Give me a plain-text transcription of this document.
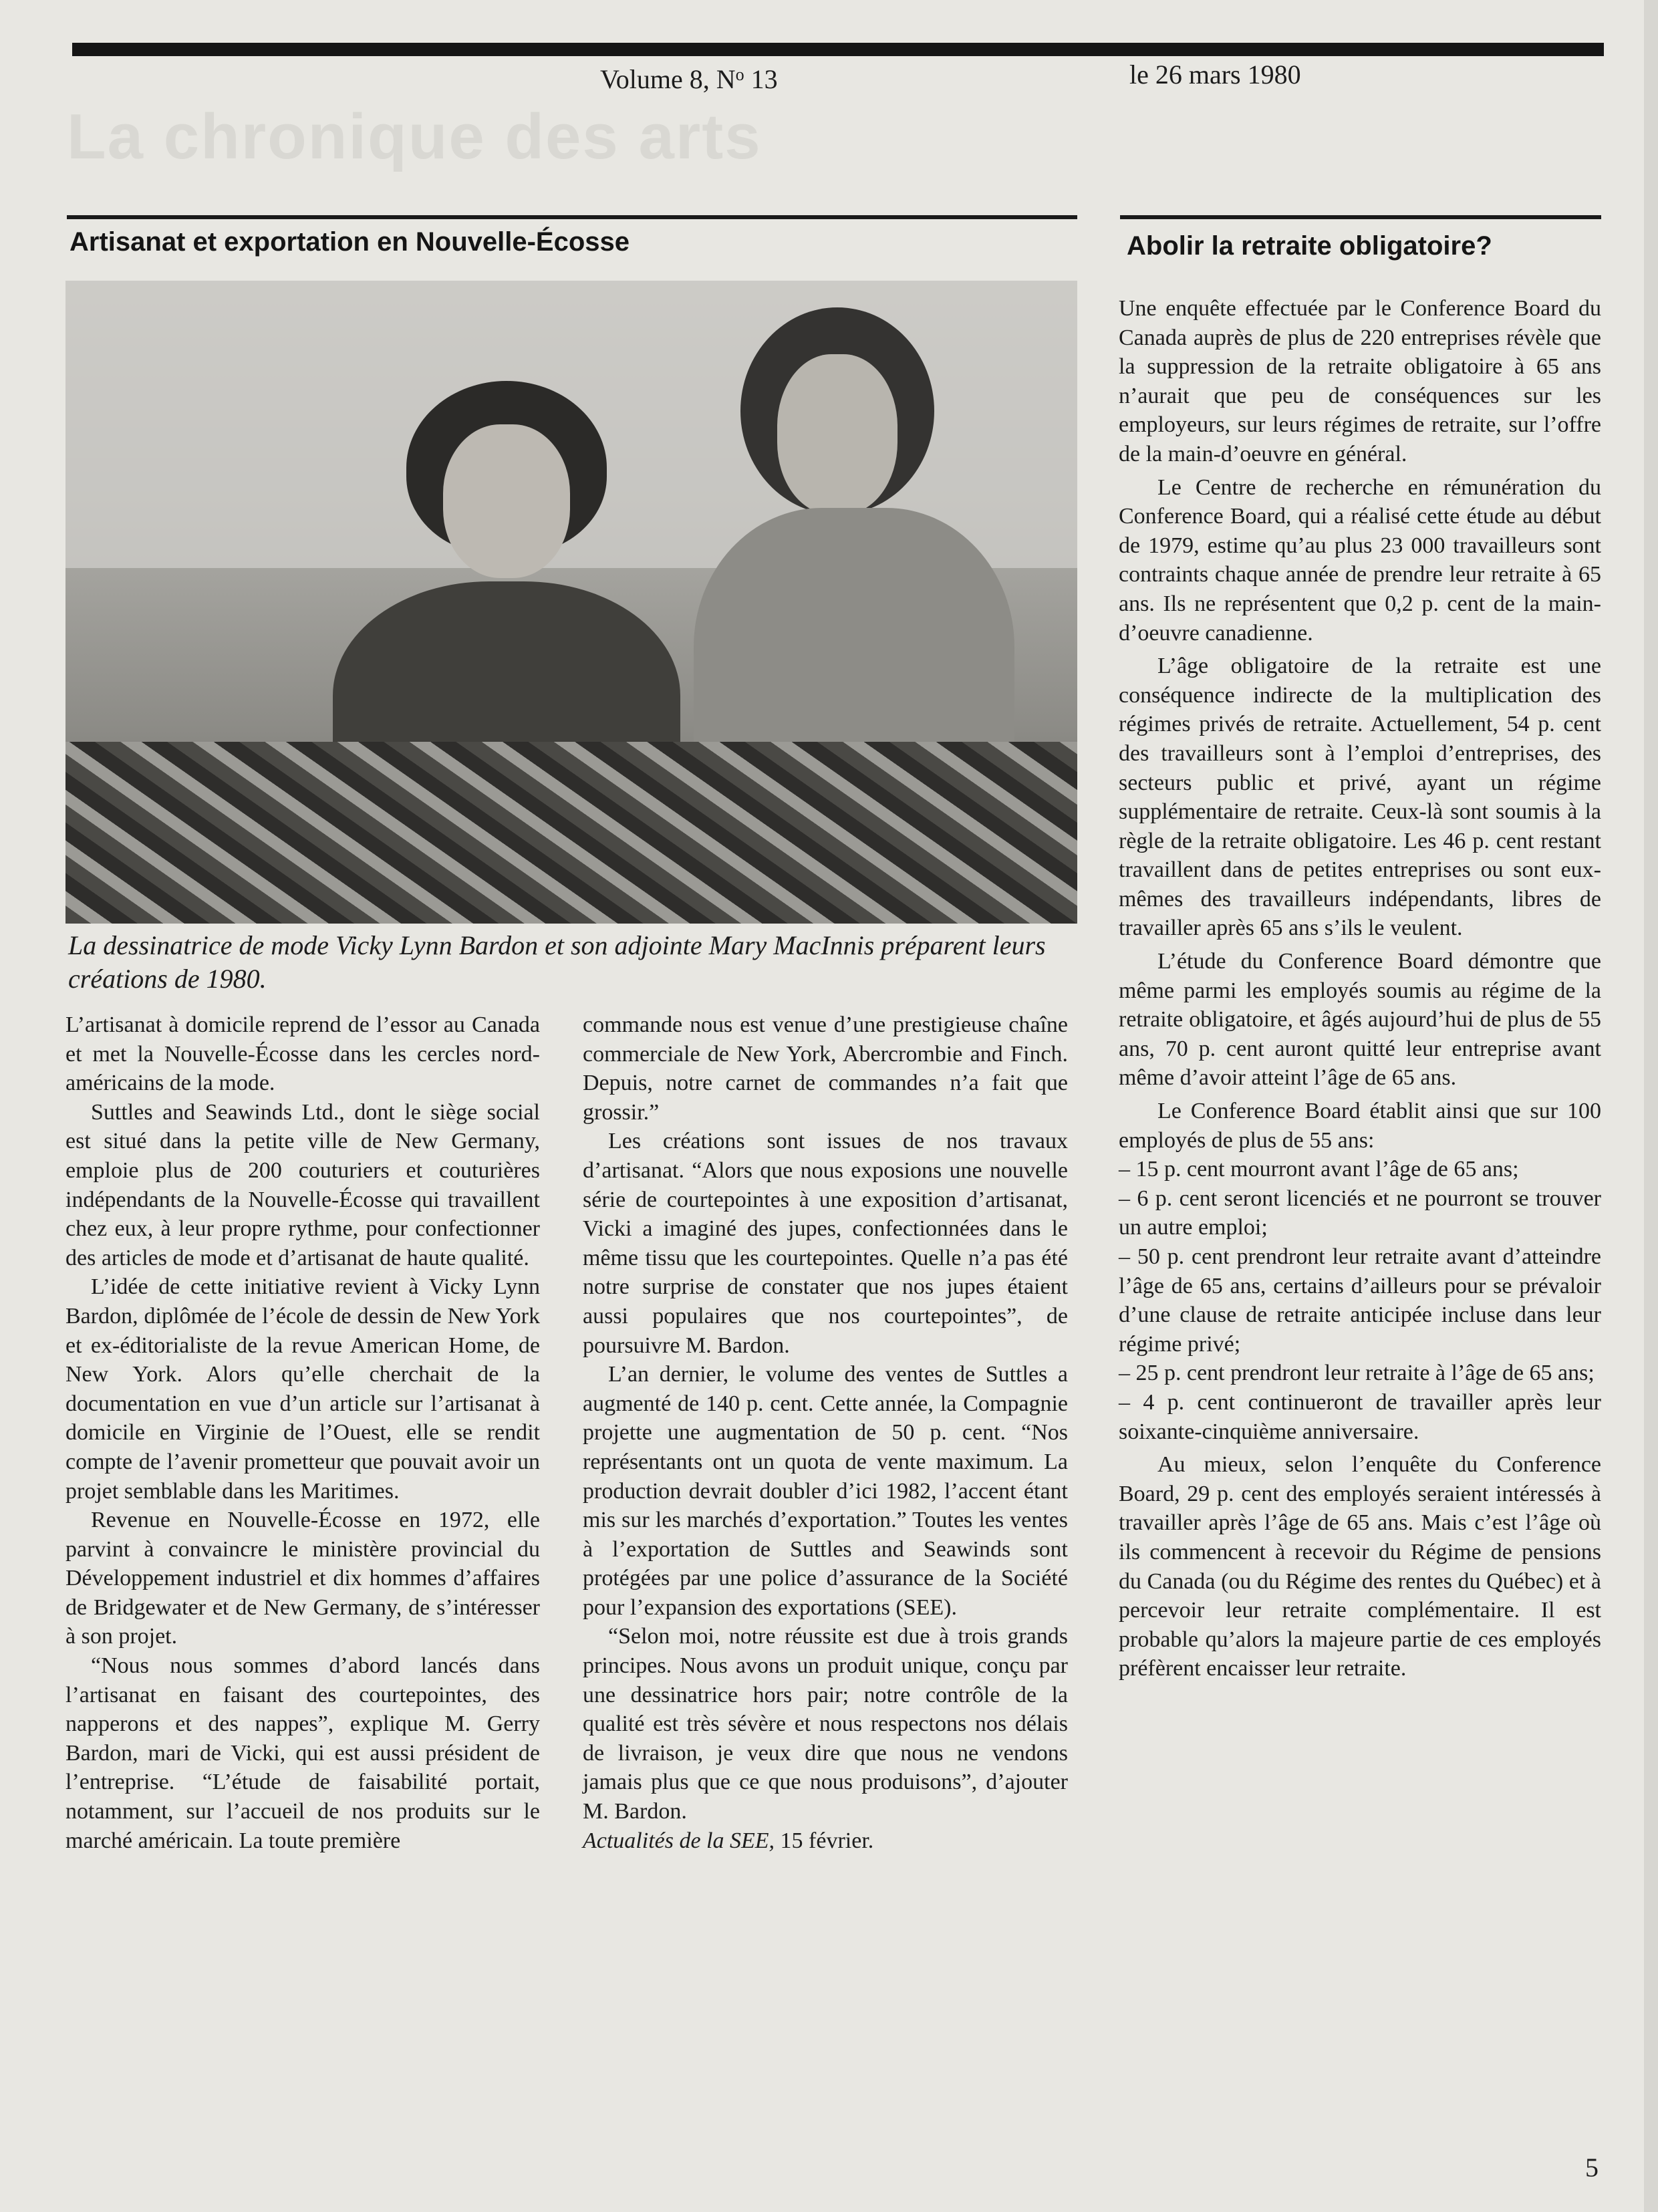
Volume 8, $N^o$ 13	le 26 mars 1980
La chronique des arts
Artisanat et exportation en Nouvelle-Écosse
La dessinatrice de mode Vicky Lynn Bardon et son adjointe Mary MacInnis préparent leurs créations de 1980.

L’artisanat à domicile reprend de l’essor au Canada et met la Nouvelle-Écosse dans les cercles nord-américains de la mode.

Suttles and Seawinds Ltd., dont le siège social est situé dans la petite ville de New Germany, emploie plus de 200 couturiers et couturières indépendants de la Nouvelle-Écosse qui travaillent chez eux, à leur propre rythme, pour confectionner des articles de mode et d’artisanat de haute qualité.

L’idée de cette initiative revient à Vicky Lynn Bardon, diplômée de l’école de dessin de New York et ex-éditorialiste de la revue American Home, de New York. Alors qu’elle cherchait de la documentation en vue d’un article sur l’artisanat à domicile en Virginie de l’Ouest, elle se rendit compte de l’avenir prometteur que pouvait avoir un projet semblable dans les Maritimes.

Revenue en Nouvelle-Écosse en 1972, elle parvint à convaincre le ministère provincial du Développement industriel et dix hommes d’affaires de Bridgewater et de New Germany, de s’intéresser à son projet.

“Nous nous sommes d’abord lancés dans l’artisanat en faisant des courtepointes, des napperons et des nappes”, explique M. Gerry Bardon, mari de Vicki, qui est aussi président de l’entreprise. “L’étude de faisabilité portait, notamment, sur l’accueil de nos produits sur le marché américain. La toute première

commande nous est venue d’une prestigieuse chaîne commerciale de New York, Abercrombie and Finch. Depuis, notre carnet de commandes n’a fait que grossir.”

Les créations sont issues de nos travaux d’artisanat. “Alors que nous exposions une nouvelle série de courtepointes à une exposition d’artisanat, Vicki a imaginé des jupes, confectionnées dans le même tissu que les courtepointes. Quelle n’a pas été notre surprise de constater que nos jupes étaient aussi populaires que nos courtepointes”, de poursuivre M. Bardon.

L’an dernier, le volume des ventes de Suttles a augmenté de 140 p. cent. Cette année, la Compagnie projette une augmentation de 50 p. cent. “Nos représentants ont un quota de vente maximum. La production devrait doubler d’ici 1982, l’accent étant mis sur les marchés d’exportation.” Toutes les ventes à l’exportation de Suttles and Seawinds sont protégées par une police d’assurance de la Société pour l’expansion des exportations (SEE).

“Selon moi, notre réussite est due à trois grands principes. Nous avons un produit unique, conçu par une dessinatrice hors pair; notre contrôle de la qualité est très sévère et nous respectons nos délais de livraison, je veux dire que nous ne vendons jamais plus que ce que nous produisons”, d’ajouter M. Bardon.

Actualités de la SEE, 15 février.

Abolir la retraite obligatoire?

Une enquête effectuée par le Conference Board du Canada auprès de plus de 220 entreprises révèle que la suppression de la retraite obligatoire à 65 ans n’aurait que peu de conséquences sur les employeurs, sur leurs régimes de retraite, sur l’offre de la main-d’oeuvre en général.

Le Centre de recherche en rémunération du Conference Board, qui a réalisé cette étude au début de 1979, estime qu’au plus 23 000 travailleurs sont contraints chaque année de prendre leur retraite à 65 ans. Ils ne représentent que 0,2 p. cent de la main-d’oeuvre canadienne.

L’âge obligatoire de la retraite est une conséquence indirecte de la multiplication des régimes privés de retraite. Actuellement, 54 p. cent des travailleurs sont à l’emploi d’entreprises, des secteurs public et privé, ayant un régime supplémentaire de retraite. Ceux-là sont soumis à la règle de la retraite obligatoire. Les 46 p. cent restant travaillent dans de petites entreprises ou sont eux-mêmes des travailleurs indépendants, libres de travailler après 65 ans s’ils le veulent.

L’étude du Conference Board démontre que même parmi les employés soumis au régime de la retraite obligatoire, et âgés aujourd’hui de plus de 55 ans, 70 p. cent auront quitté leur entreprise avant même d’avoir atteint l’âge de 65 ans.

Le Conference Board établit ainsi que sur 100 employés de plus de 55 ans:

– 15 p. cent mourront avant l’âge de 65 ans;

– 6 p. cent seront licenciés et ne pourront se trouver un autre emploi;

– 50 p. cent prendront leur retraite avant d’atteindre l’âge de 65 ans, certains d’ailleurs pour se prévaloir d’une clause de retraite anticipée incluse dans leur régime privé;

– 25 p. cent prendront leur retraite à l’âge de 65 ans;

– 4 p. cent continueront de travailler après leur soixante-cinquième anniversaire.

Au mieux, selon l’enquête du Conference Board, 29 p. cent des employés seraient intéressés à travailler après l’âge de 65 ans. Mais c’est l’âge où ils commencent à recevoir du Régime de pensions du Canada (ou du Régime des rentes du Québec) et à percevoir leur retraite complémentaire. Il est probable qu’alors la majeure partie de ces employés préfèrent encaisser leur retraite.

5
